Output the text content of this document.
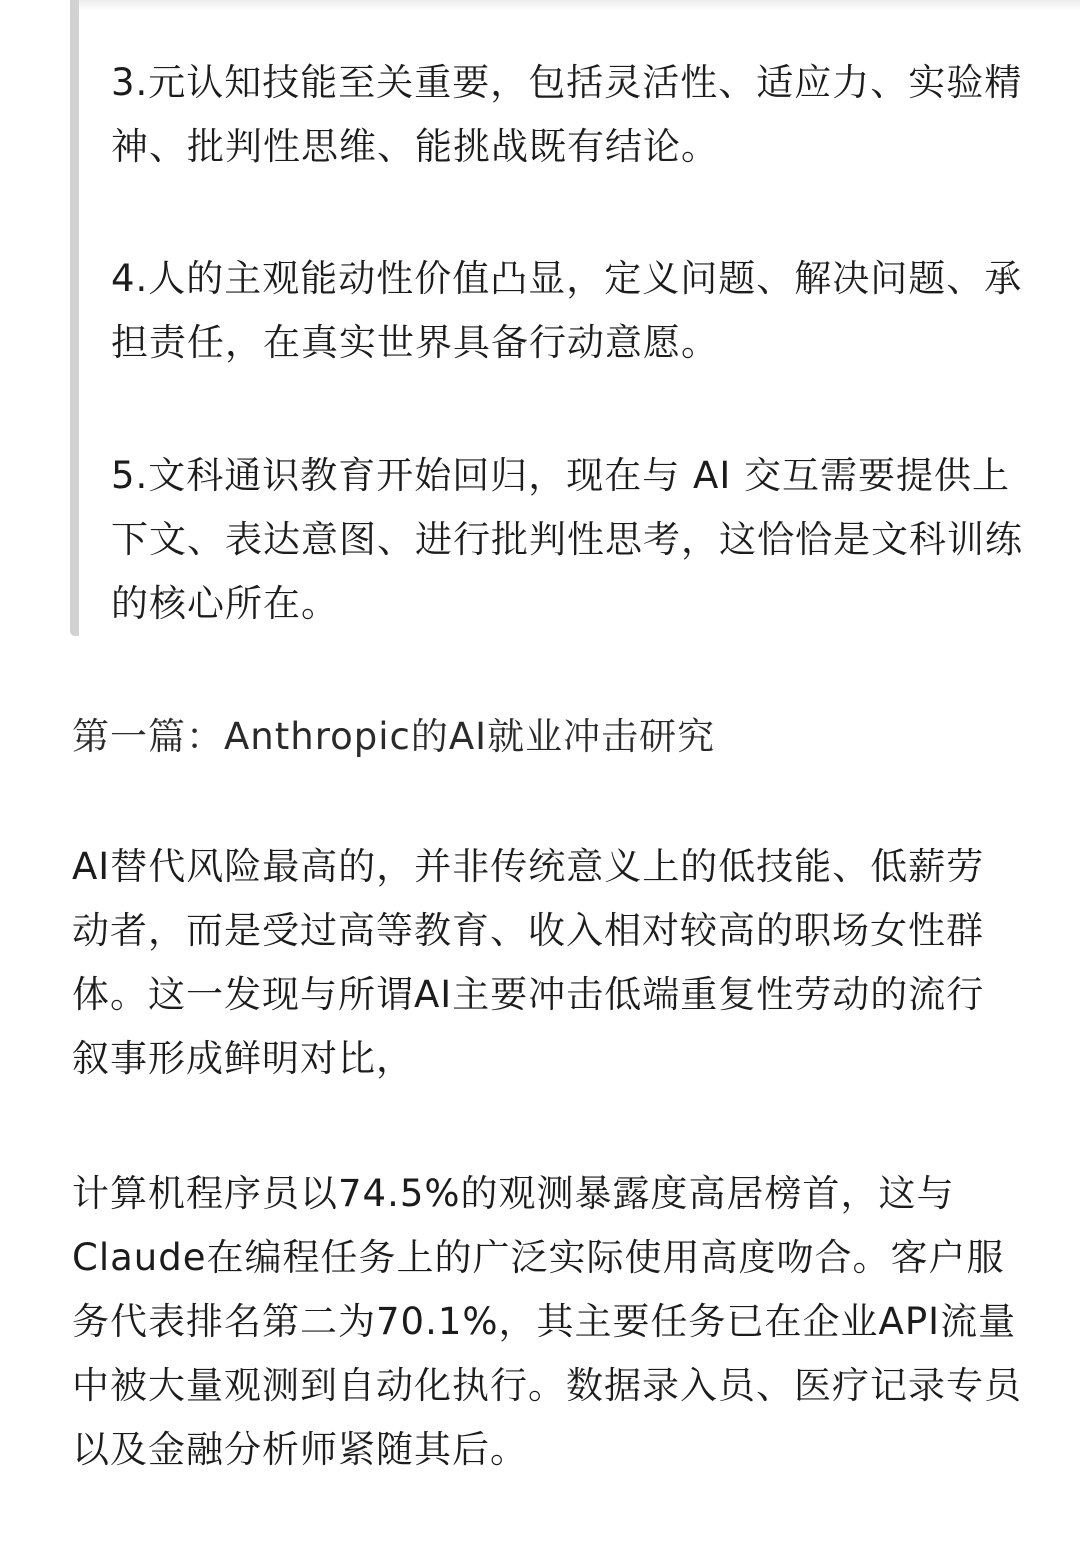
3.元认知技能至关重要，包括灵活性、适应力、实验精神、批判性思维、能挑战既有结论。

4.人的主观能动性价值凸显，定义问题、解决问题、承担责任，在真实世界具备行动意愿。

5.文科通识教育开始回归，现在与 AI 交互需要提供上下文、表达意图、进行批判性思考，这恰恰是文科训练的核心所在。

第一篇：Anthropic的AI就业冲击研究

AI替代风险最高的，并非传统意义上的低技能、低薪劳动者，而是受过高等教育、收入相对较高的职场女性群体。这一发现与所谓AI主要冲击低端重复性劳动的流行叙事形成鲜明对比，

计算机程序员以74.5%的观测暴露度高居榜首，这与Claude在编程任务上的广泛实际使用高度吻合。客户服务代表排名第二为70.1%，其主要任务已在企业API流量中被大量观测到自动化执行。数据录入员、医疗记录专员以及金融分析师紧随其后。
